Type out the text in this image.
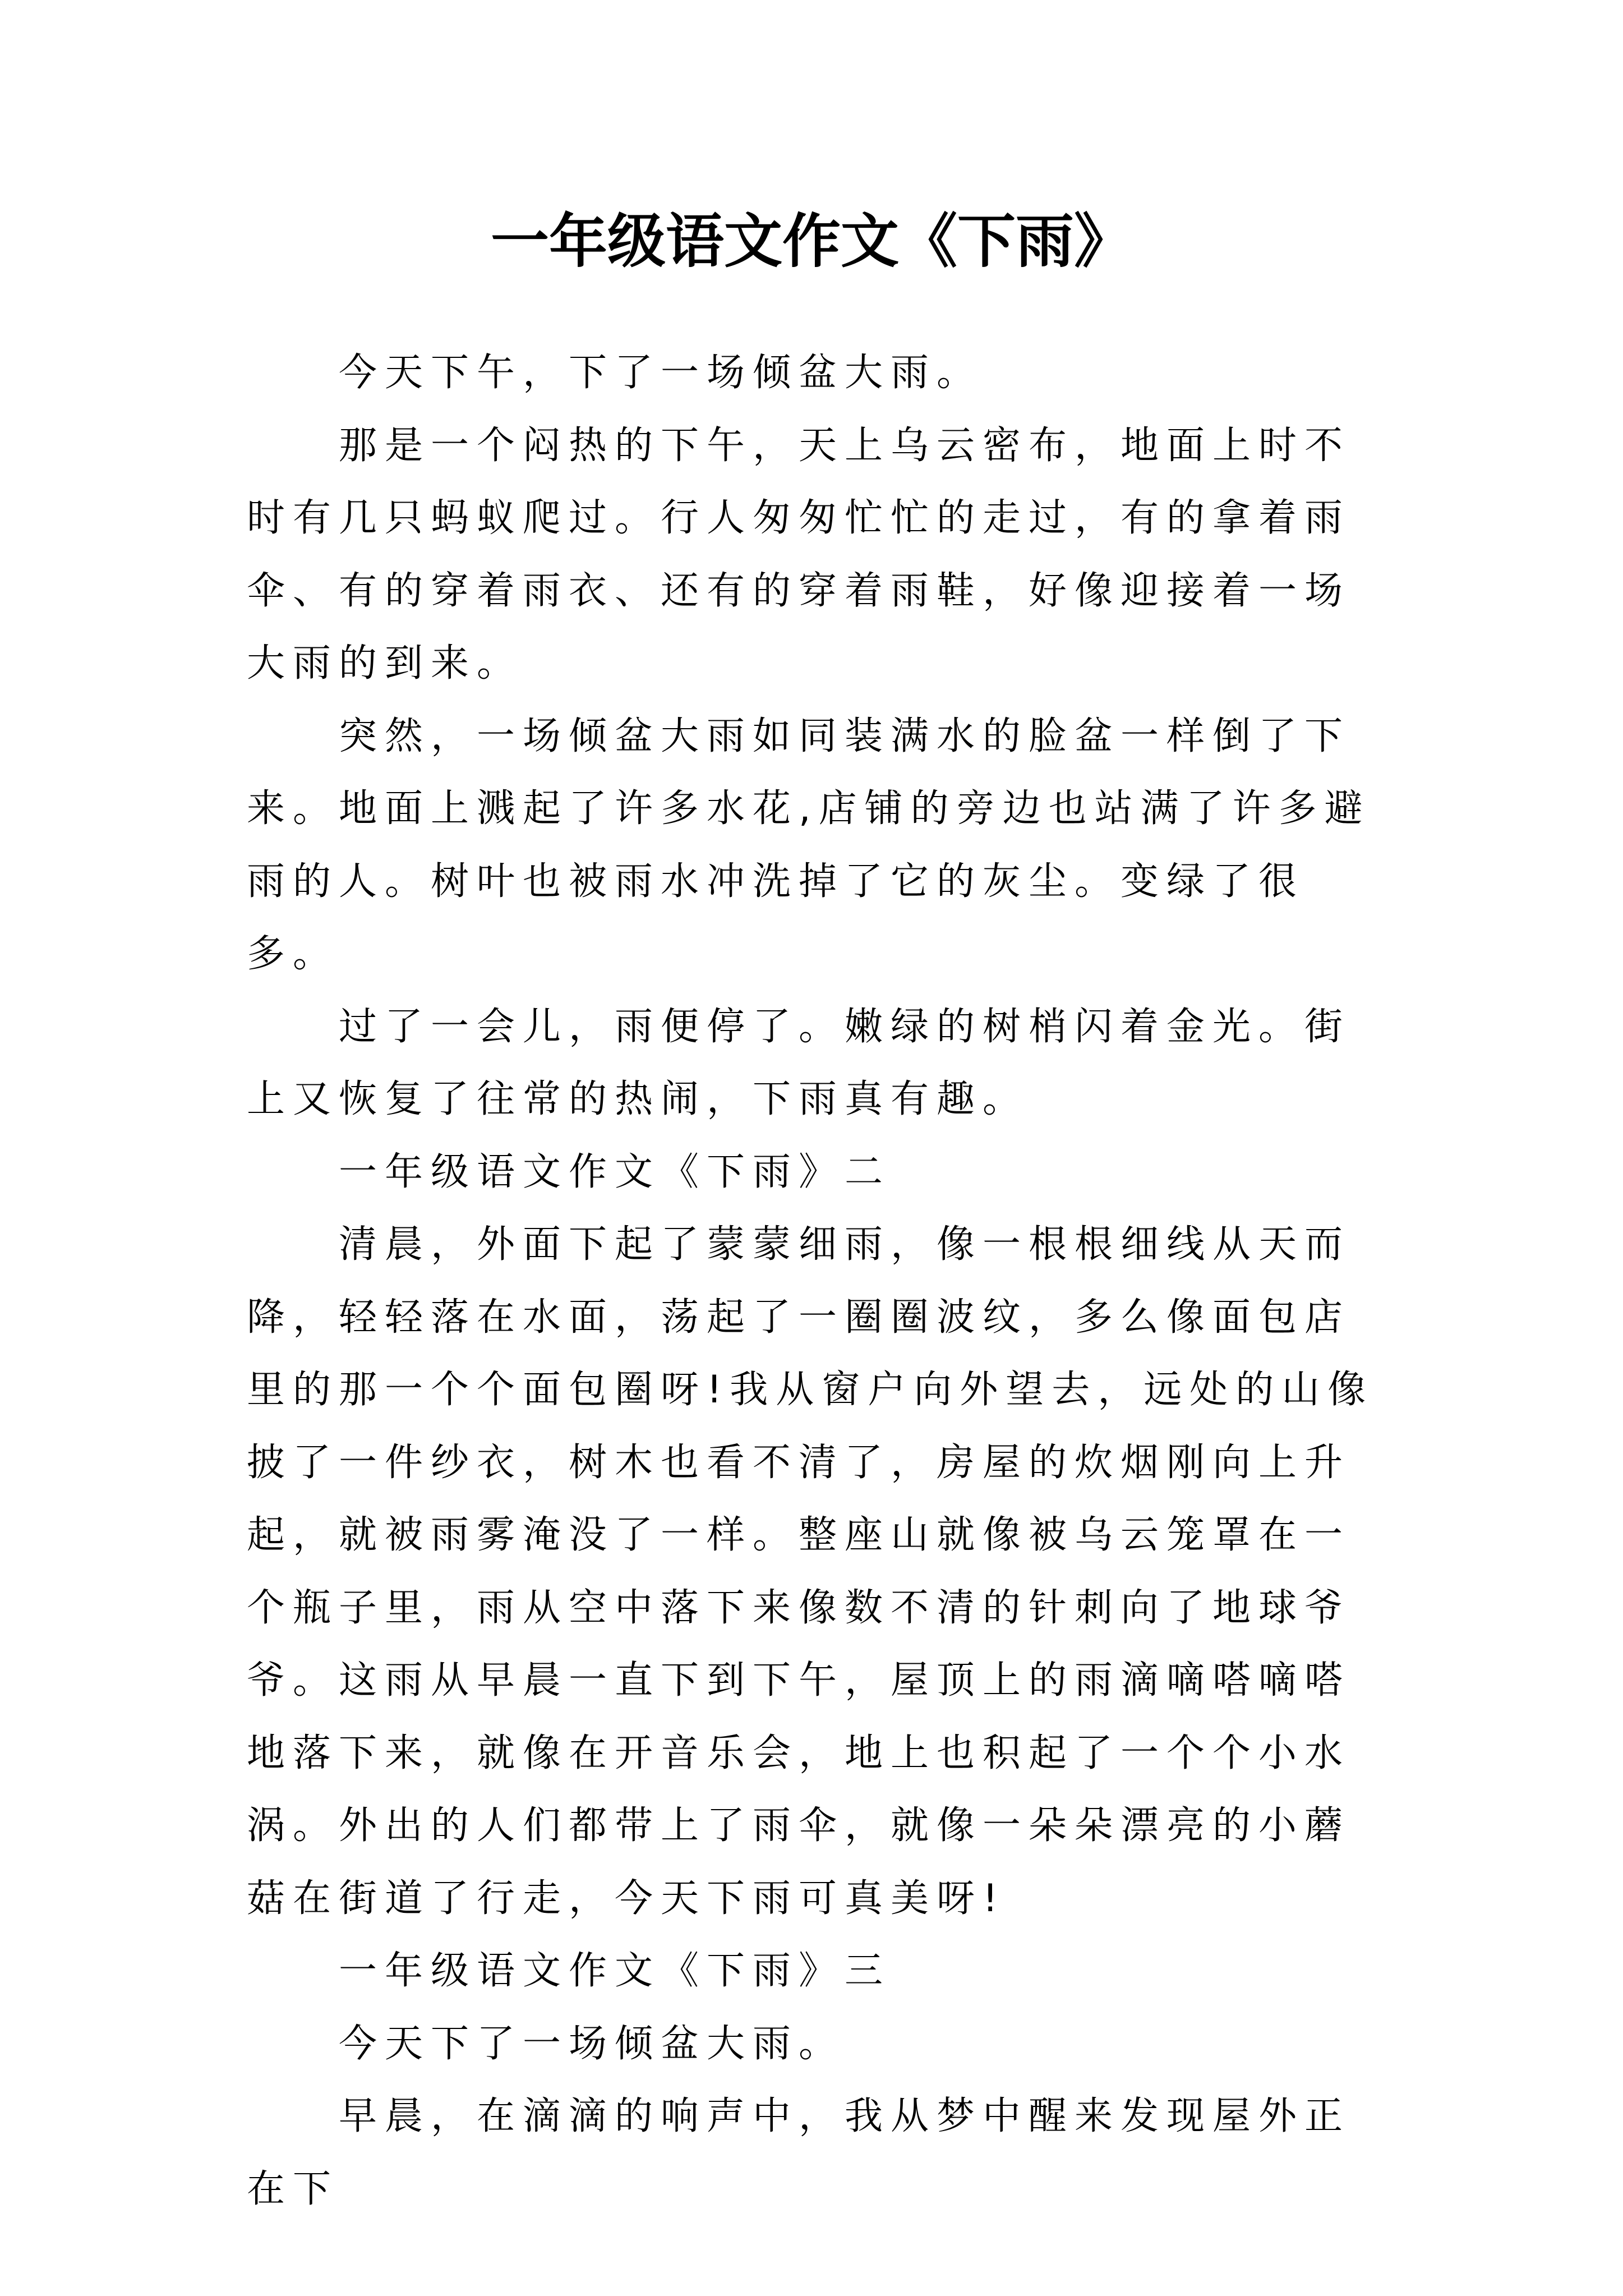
一年级语文作文《下雨》

今天下午，下了一场倾盆大雨。

那是一个闷热的下午，天上乌云密布，地面上时不时有几只蚂蚁爬过。行人匆匆忙忙的走过，有的拿着雨伞、有的穿着雨衣、还有的穿着雨鞋，好像迎接着一场大雨的到来。

突然，一场倾盆大雨如同装满水的脸盆一样倒了下来。地面上溅起了许多水花,店铺的旁边也站满了许多避雨的人。树叶也被雨水冲洗掉了它的灰尘。变绿了很多。

过了一会儿，雨便停了。嫩绿的树梢闪着金光。街上又恢复了往常的热闹，下雨真有趣。

一年级语文作文《下雨》二

清晨，外面下起了蒙蒙细雨，像一根根细线从天而降，轻轻落在水面，荡起了一圈圈波纹，多么像面包店里的那一个个面包圈呀!我从窗户向外望去，远处的山像披了一件纱衣，树木也看不清了，房屋的炊烟刚向上升起，就被雨雾淹没了一样。整座山就像被乌云笼罩在一个瓶子里，雨从空中落下来像数不清的针刺向了地球爷爷。这雨从早晨一直下到下午，屋顶上的雨滴嘀嗒嘀嗒地落下来，就像在开音乐会，地上也积起了一个个小水涡。外出的人们都带上了雨伞，就像一朵朵漂亮的小蘑菇在街道了行走，今天下雨可真美呀!

一年级语文作文《下雨》三

今天下了一场倾盆大雨。

早晨，在滴滴的响声中，我从梦中醒来发现屋外正在下
